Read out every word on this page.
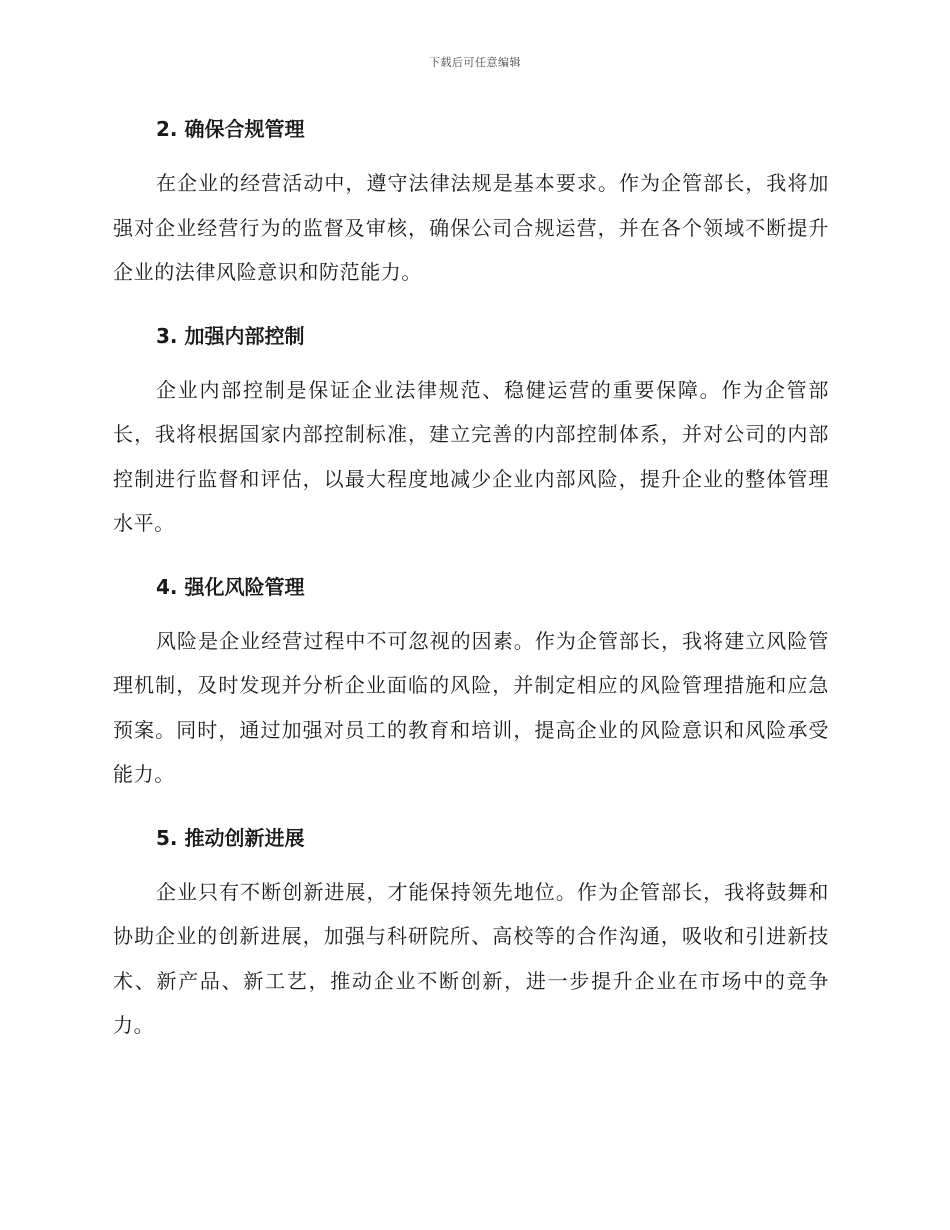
下载后可任意编辑
2. 确保合规管理

在企业的经营活动中，遵守法律法规是基本要求。作为企管部长，我将加强对企业经营行为的监督及审核，确保公司合规运营，并在各个领域不断提升企业的法律风险意识和防范能力。

3. 加强内部控制

企业内部控制是保证企业法律规范、稳健运营的重要保障。作为企管部长，我将根据国家内部控制标准，建立完善的内部控制体系，并对公司的内部控制进行监督和评估，以最大程度地减少企业内部风险，提升企业的整体管理水平。

4. 强化风险管理

风险是企业经营过程中不可忽视的因素。作为企管部长，我将建立风险管理机制，及时发现并分析企业面临的风险，并制定相应的风险管理措施和应急预案。同时，通过加强对员工的教育和培训，提高企业的风险意识和风险承受能力。

5. 推动创新进展

企业只有不断创新进展，才能保持领先地位。作为企管部长，我将鼓舞和协助企业的创新进展，加强与科研院所、高校等的合作沟通，吸收和引进新技术、新产品、新工艺，推动企业不断创新，进一步提升企业在市场中的竞争力。
